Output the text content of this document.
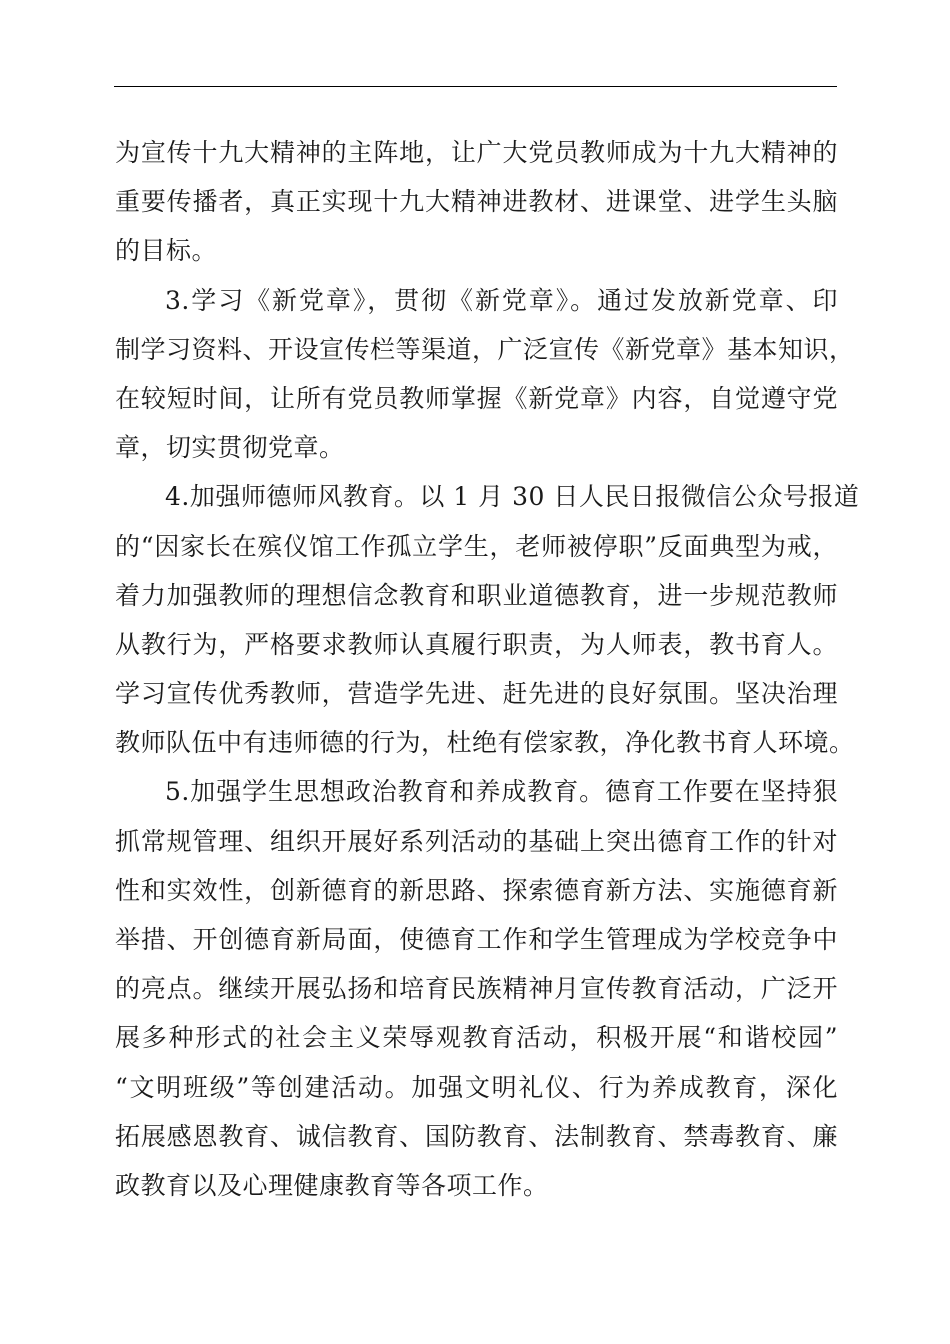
为宣传十九大精神的主阵地，让广大党员教师成为十九大精神的
重要传播者，真正实现十九大精神进教材、进课堂、进学生头脑
的目标。
3.学习《新党章》，贯彻《新党章》。通过发放新党章、印
制学习资料、开设宣传栏等渠道，广泛宣传《新党章》基本知识，
在较短时间，让所有党员教师掌握《新党章》内容，自觉遵守党
章，切实贯彻党章。
4.加强师德师风教育。以 1 月 30 日人民日报微信公众号报道
的“因家长在殡仪馆工作孤立学生，老师被停职”反面典型为戒，
着力加强教师的理想信念教育和职业道德教育，进一步规范教师
从教行为，严格要求教师认真履行职责，为人师表，教书育人。
学习宣传优秀教师，营造学先进、赶先进的良好氛围。坚决治理
教师队伍中有违师德的行为，杜绝有偿家教，净化教书育人环境。
5.加强学生思想政治教育和养成教育。德育工作要在坚持狠
抓常规管理、组织开展好系列活动的基础上突出德育工作的针对
性和实效性，创新德育的新思路、探索德育新方法、实施德育新
举措、开创德育新局面，使德育工作和学生管理成为学校竞争中
的亮点。继续开展弘扬和培育民族精神月宣传教育活动，广泛开
展多种形式的社会主义荣辱观教育活动，积极开展“和谐校园”
“文明班级”等创建活动。加强文明礼仪、行为养成教育，深化
拓展感恩教育、诚信教育、国防教育、法制教育、禁毒教育、廉
政教育以及心理健康教育等各项工作。
